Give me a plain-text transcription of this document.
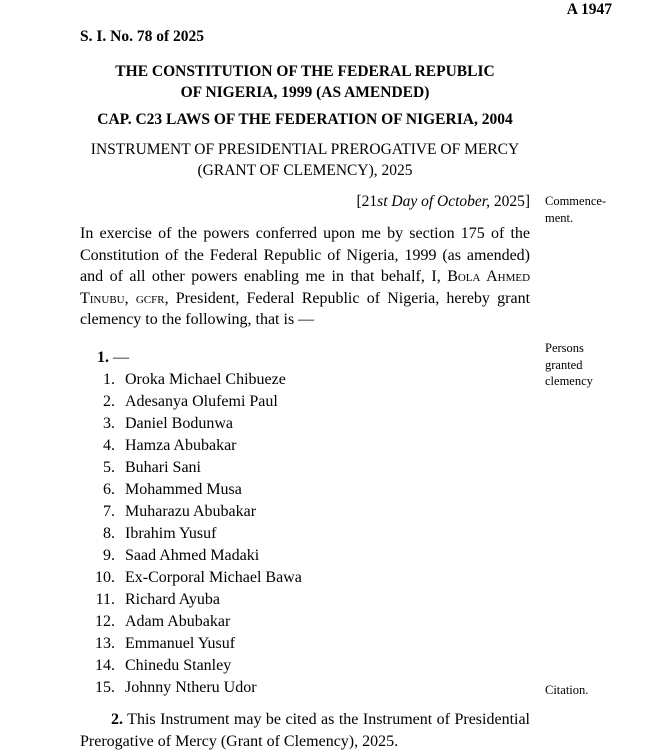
A 1947
S. I. No. 78 of 2025
THE CONSTITUTION OF THE FEDERAL REPUBLIC
OF NIGERIA, 1999 (AS AMENDED)
CAP. C23 LAWS OF THE FEDERATION OF NIGERIA, 2004
INSTRUMENT OF PRESIDENTIAL PREROGATIVE OF MERCY
(GRANT OF CLEMENCY), 2025
[21st Day of October, 2025]

In exercise of the powers conferred upon me by section 175 of the Constitution of the Federal Republic of Nigeria, 1999 (as amended) and of all other powers enabling me in that behalf, I, Bola Ahmed Tinubu, gcfr, President, Federal Republic of Nigeria, hereby grant clemency to the following, that is —

1. —
1. Oroka Michael Chibueze
2. Adesanya Olufemi Paul
3. Daniel Bodunwa
4. Hamza Abubakar
5. Buhari Sani
6. Mohammed Musa
7. Muharazu Abubakar
8. Ibrahim Yusuf
9. Saad Ahmed Madaki
10. Ex-Corporal Michael Bawa
11. Richard Ayuba
12. Adam Abubakar
13. Emmanuel Yusuf
14. Chinedu Stanley
15. Johnny Ntheru Udor

2. This Instrument may be cited as the Instrument of Presidential Prerogative of Mercy (Grant of Clemency), 2025.

Commence-
ment.
Persons granted clemency
Citation.
